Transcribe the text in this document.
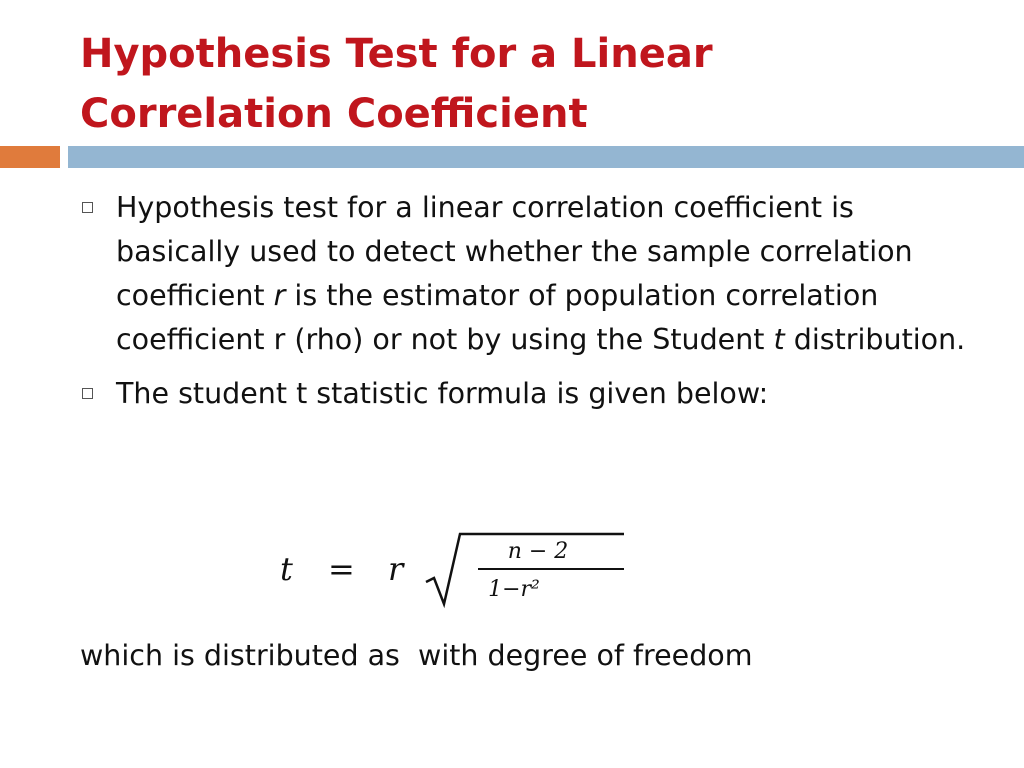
Hypothesis Test for a Linear
Correlation Coefficient
Hypothesis test for a linear correlation coefficient is basically used to detect whether the sample correlation coefficient r is the estimator of population correlation coefficient r (rho) or not by using the Student t distribution.
The student t statistic formula is given below:
t = r	n − 2
1−r²

which is distributed as  with degree of freedom
